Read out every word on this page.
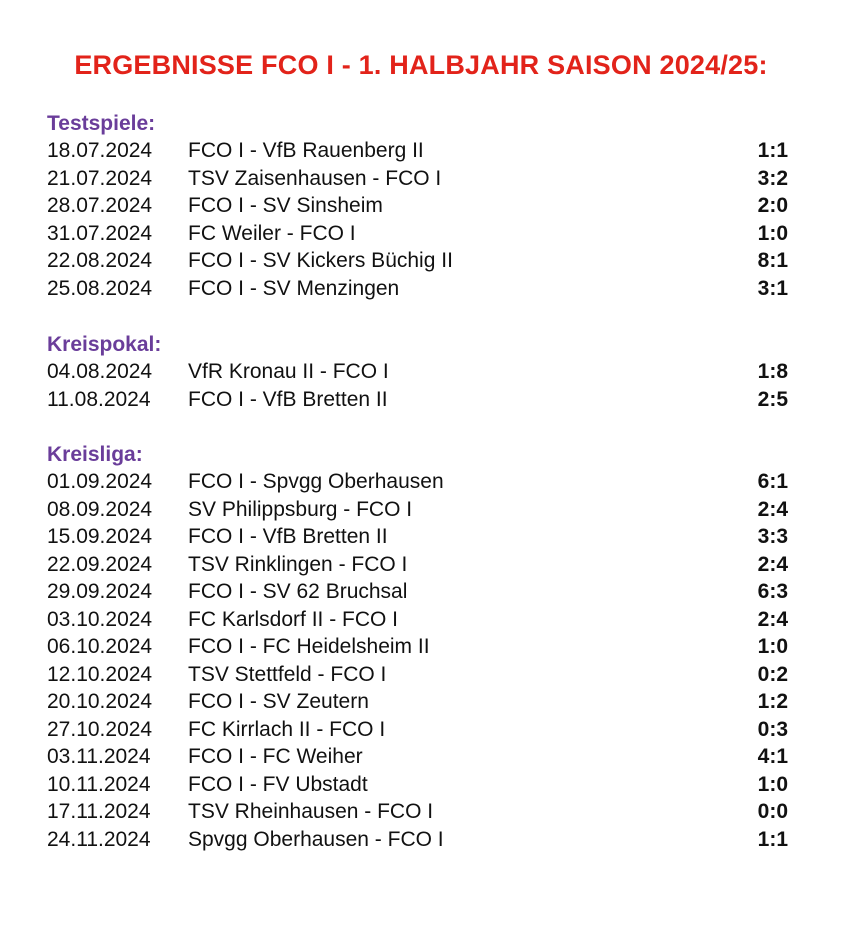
ERGEBNISSE FCO I - 1. HALBJAHR SAISON 2024/25:
Testspiele:
18.07.2024 FCO I - VfB Rauenberg II	1:1
21.07.2024 TSV Zaisenhausen - FCO I	3:2
28.07.2024 FCO I - SV Sinsheim	2:0
31.07.2024 FC Weiler - FCO I	1:0
22.08.2024 FCO I - SV Kickers Büchig II	8:1
25.08.2024 FCO I - SV Menzingen	3:1
Kreispokal:
04.08.2024 VfR Kronau II - FCO I	1:8
11.08.2024 FCO I - VfB Bretten II	2:5
Kreisliga:
01.09.2024 FCO I - Spvgg Oberhausen	6:1
08.09.2024 SV Philippsburg - FCO I	2:4
15.09.2024 FCO I - VfB Bretten II	3:3
22.09.2024 TSV Rinklingen - FCO I	2:4
29.09.2024 FCO I - SV 62 Bruchsal	6:3
03.10.2024 FC Karlsdorf II - FCO I	2:4
06.10.2024 FCO I - FC Heidelsheim II	1:0
12.10.2024 TSV Stettfeld - FCO I	0:2
20.10.2024 FCO I - SV Zeutern	1:2
27.10.2024 FC Kirrlach II - FCO I	0:3
03.11.2024 FCO I - FC Weiher	4:1
10.11.2024 FCO I - FV Ubstadt	1:0
17.11.2024 TSV Rheinhausen - FCO I	0:0
24.11.2024 Spvgg Oberhausen - FCO I	1:1
